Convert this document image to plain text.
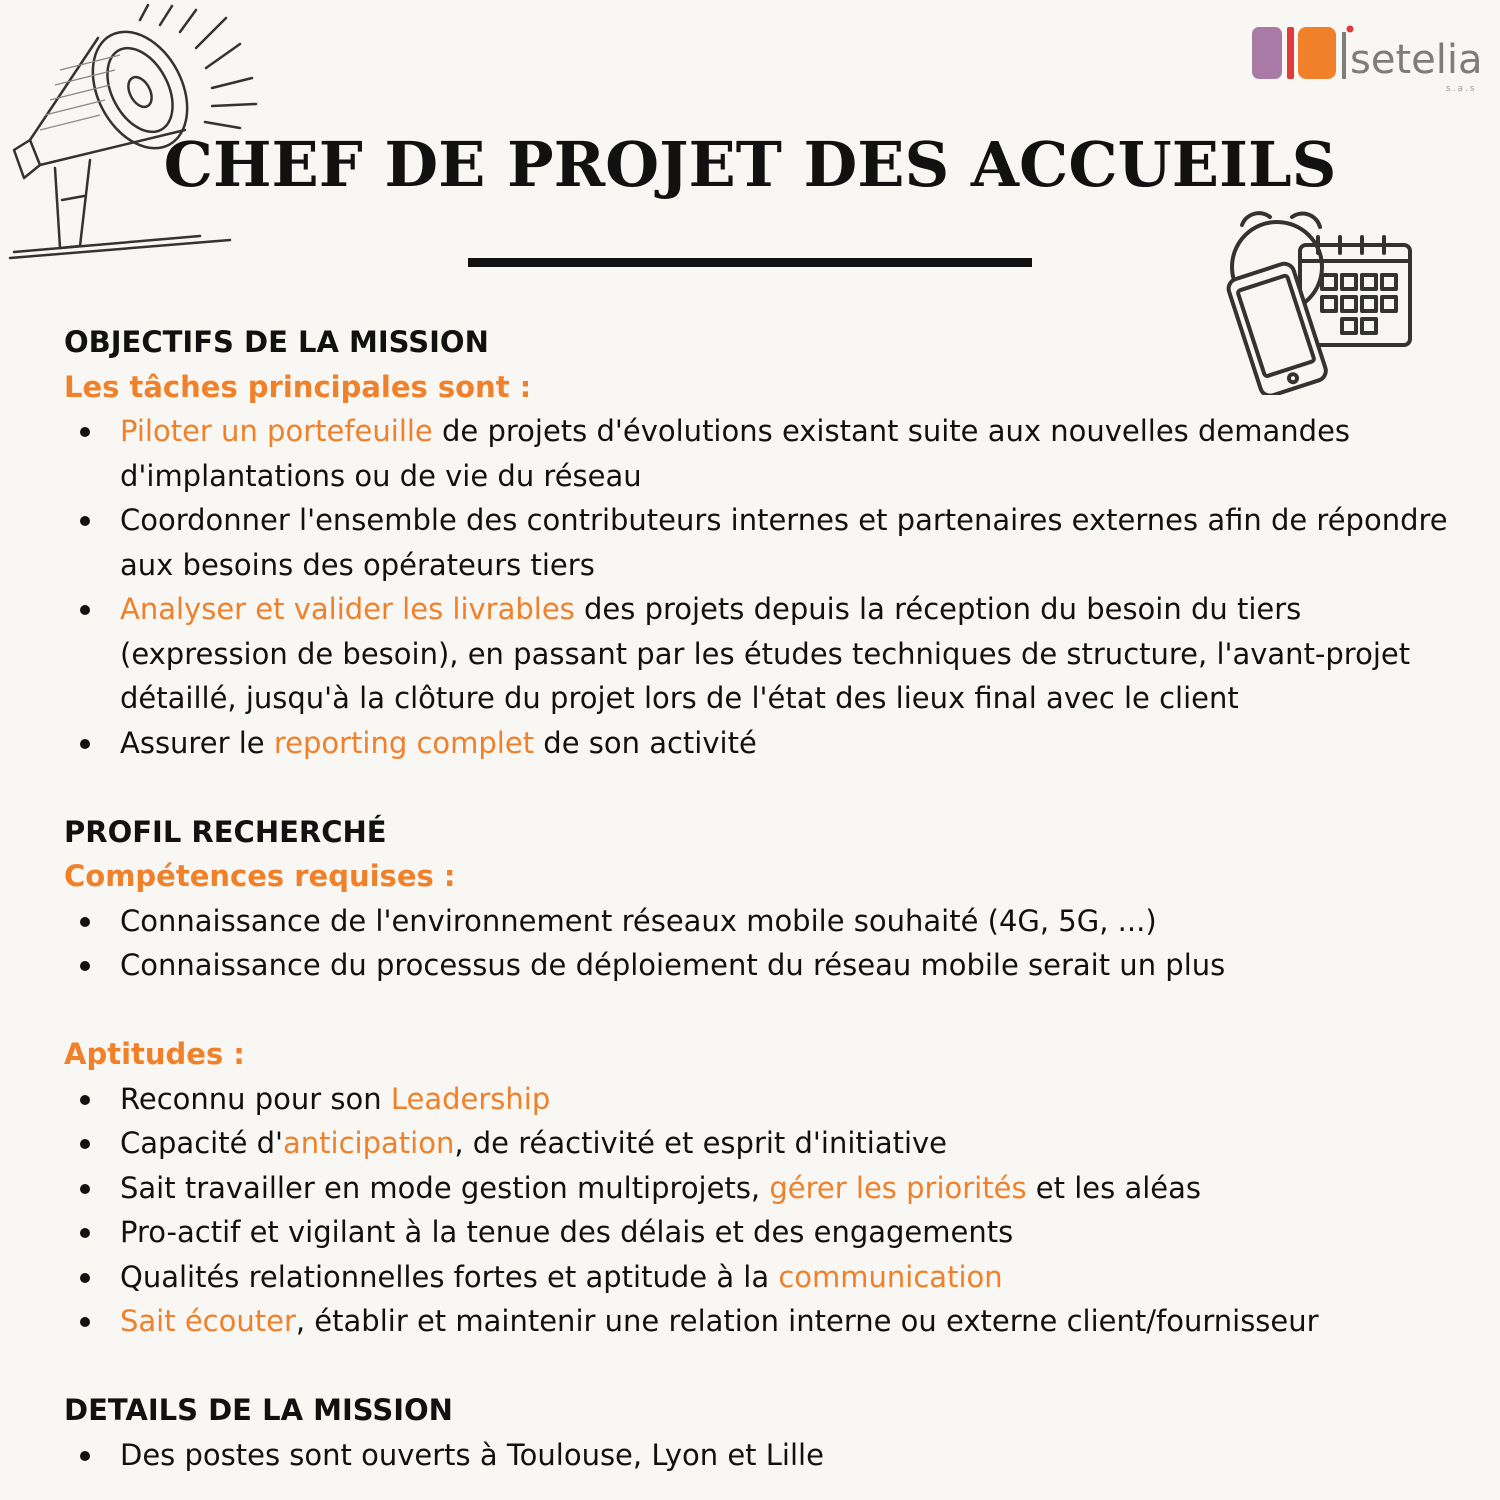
setelia
s.a.s
CHEF DE PROJET DES ACCUEILS
OBJECTIFS DE LA MISSION
Les tâches principales sont :
Piloter un portefeuille de projets d'évolutions existant suite aux nouvelles demandes d'implantations ou de vie du réseau
Coordonner l'ensemble des contributeurs internes et partenaires externes afin de répondre aux besoins des opérateurs tiers
Analyser et valider les livrables des projets depuis la réception du besoin du tiers (expression de besoin), en passant par les études techniques de structure, l'avant-projet détaillé, jusqu'à la clôture du projet lors de l'état des lieux final avec le client
Assurer le reporting complet de son activité
PROFIL RECHERCHÉ
Compétences requises :
Connaissance de l'environnement réseaux mobile souhaité (4G, 5G, ...)
Connaissance du processus de déploiement du réseau mobile serait un plus
Aptitudes :
Reconnu pour son Leadership
Capacité d'anticipation, de réactivité et esprit d'initiative
Sait travailler en mode gestion multiprojets, gérer les priorités et les aléas
Pro-actif et vigilant à la tenue des délais et des engagements
Qualités relationnelles fortes et aptitude à la communication
Sait écouter, établir et maintenir une relation interne ou externe client/fournisseur
DETAILS DE LA MISSION
Des postes sont ouverts à Toulouse, Lyon et Lille
